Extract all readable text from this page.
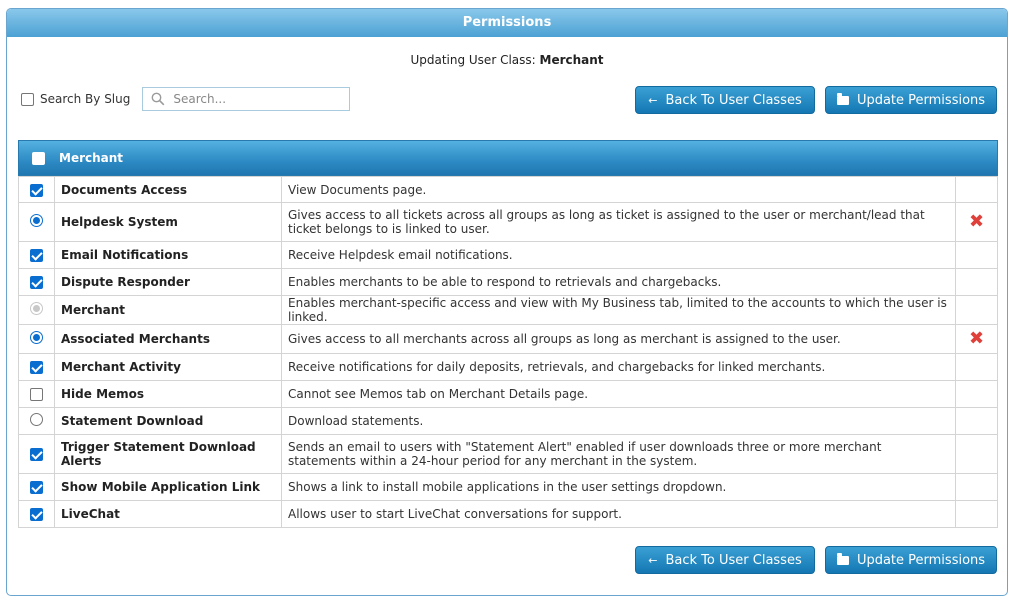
Permissions
Updating User Class: Merchant
Search By Slug
Search...	← Back To User Classes	Update Permissions
Merchant
	Documents Access	View Documents page.	
	Helpdesk System	Gives access to all tickets across all groups as long as ticket is assigned to the user or merchant/lead that ticket belongs to is linked to user.	✖
	Email Notifications	Receive Helpdesk email notifications.	
	Dispute Responder	Enables merchants to be able to respond to retrievals and chargebacks.	
	Merchant	Enables merchant-specific access and view with My Business tab, limited to the accounts to which the user is linked.	
	Associated Merchants	Gives access to all merchants across all groups as long as merchant is assigned to the user.	✖
	Merchant Activity	Receive notifications for daily deposits, retrievals, and chargebacks for linked merchants.	
	Hide Memos	Cannot see Memos tab on Merchant Details page.	
	Statement Download	Download statements.	
	Trigger Statement Download Alerts	Sends an email to users with "Statement Alert" enabled if user downloads three or more merchant statements within a 24-hour period for any merchant in the system.	
	Show Mobile Application Link	Shows a link to install mobile applications in the user settings dropdown.	
	LiveChat	Allows user to start LiveChat conversations for support.	
← Back To User Classes	Update Permissions
